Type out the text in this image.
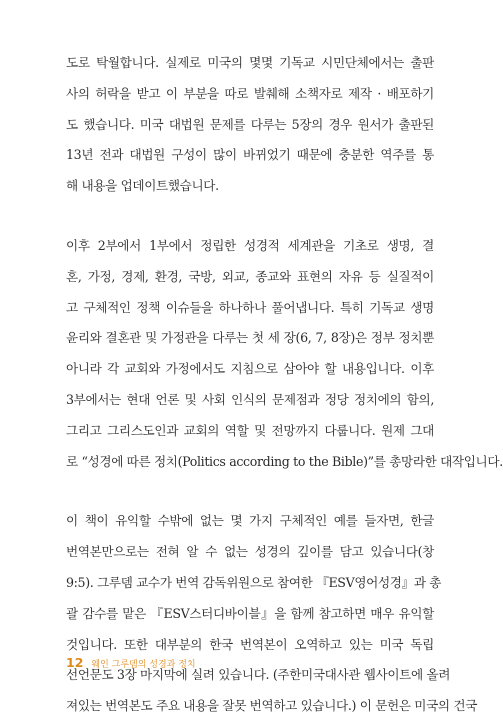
도로 탁월합니다. 실제로 미국의 몇몇 기독교 시민단체에서는 출판
사의 허락을 받고 이 부분을 따로 발췌해 소책자로 제작 · 배포하기
도 했습니다. 미국 대법원 문제를 다루는 5장의 경우 원서가 출판된
13년 전과 대법원 구성이 많이 바뀌었기 때문에 충분한 역주를 통
해 내용을 업데이트했습니다.
이후 2부에서 1부에서 정립한 성경적 세계관을 기초로 생명, 결
혼, 가정, 경제, 환경, 국방, 외교, 종교와 표현의 자유 등 실질적이
고 구체적인 정책 이슈들을 하나하나 풀어냅니다. 특히 기독교 생명
윤리와 결혼관 및 가정관을 다루는 첫 세 장(6, 7, 8장)은 정부 정치뿐
아니라 각 교회와 가정에서도 지침으로 삼아야 할 내용입니다. 이후
3부에서는 현대 언론 및 사회 인식의 문제점과 정당 정치에의 함의,
그리고 그리스도인과 교회의 역할 및 전망까지 다룹니다. 원제 그대
로 “성경에 따른 정치(Politics according to the Bible)”를 총망라한 대작입니다.
이 책이 유익할 수밖에 없는 몇 가지 구체적인 예를 들자면, 한글
번역본만으로는 전혀 알 수 없는 성경의 깊이를 담고 있습니다(창
9:5). 그루뎀 교수가 번역 감독위원으로 참여한 『ESV영어성경』과 총
괄 감수를 맡은 『ESV스터디바이블』을 함께 참고하면 매우 유익할
것입니다. 또한 대부분의 한국 번역본이 오역하고 있는 미국 독립
선언문도 3장 마지막에 실려 있습니다. (주한미국대사관 웹사이트에 올려
져있는 번역본도 주요 내용을 잘못 번역하고 있습니다.) 이 문헌은 미국의 건국
12 웨인 그루뎀의 성경과 정치
